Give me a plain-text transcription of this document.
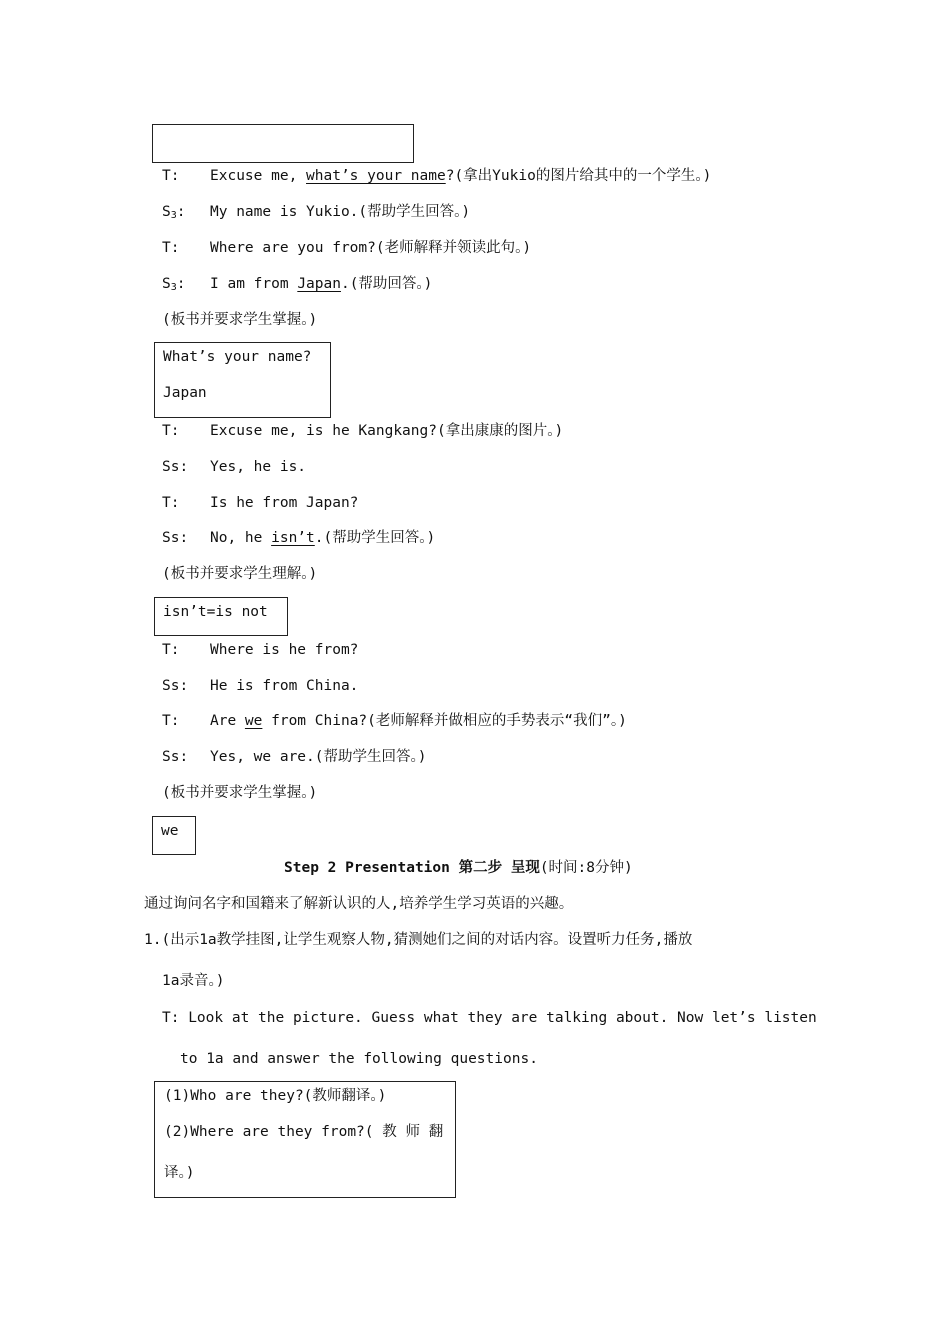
T: Excuse me, what’s your name?(拿出Yukio的图片给其中的一个学生。)
$S_3$: My name is Yukio.(帮助学生回答。)
T: Where are you from?(老师解释并领读此句。)
$S_3$: I am from Japan.(帮助回答。)
(板书并要求学生掌握。)
What’s your name?
Japan
T: Excuse me, is he Kangkang?(拿出康康的图片。)
Ss: Yes, he is.
T: Is he from Japan?
Ss: No, he isn’t.(帮助学生回答。)
(板书并要求学生理解。)
isn’t=is not
T: Where is he from?
Ss: He is from China.
T: Are we from China?(老师解释并做相应的手势表示“我们”。)
Ss: Yes, we are.(帮助学生回答。)
(板书并要求学生掌握。)
we
Step 2 Presentation 第二步 呈现(时间:8分钟)
通过询问名字和国籍来了解新认识的人,培养学生学习英语的兴趣。
1.(出示1a教学挂图,让学生观察人物,猜测她们之间的对话内容。设置听力任务,播放
1a录音。)
T: Look at the picture. Guess what they are talking about. Now let’s listen
to 1a and answer the following questions.
(1)Who are they?(教师翻译。)
(2)Where are they from?( 教 师 翻
译。)
